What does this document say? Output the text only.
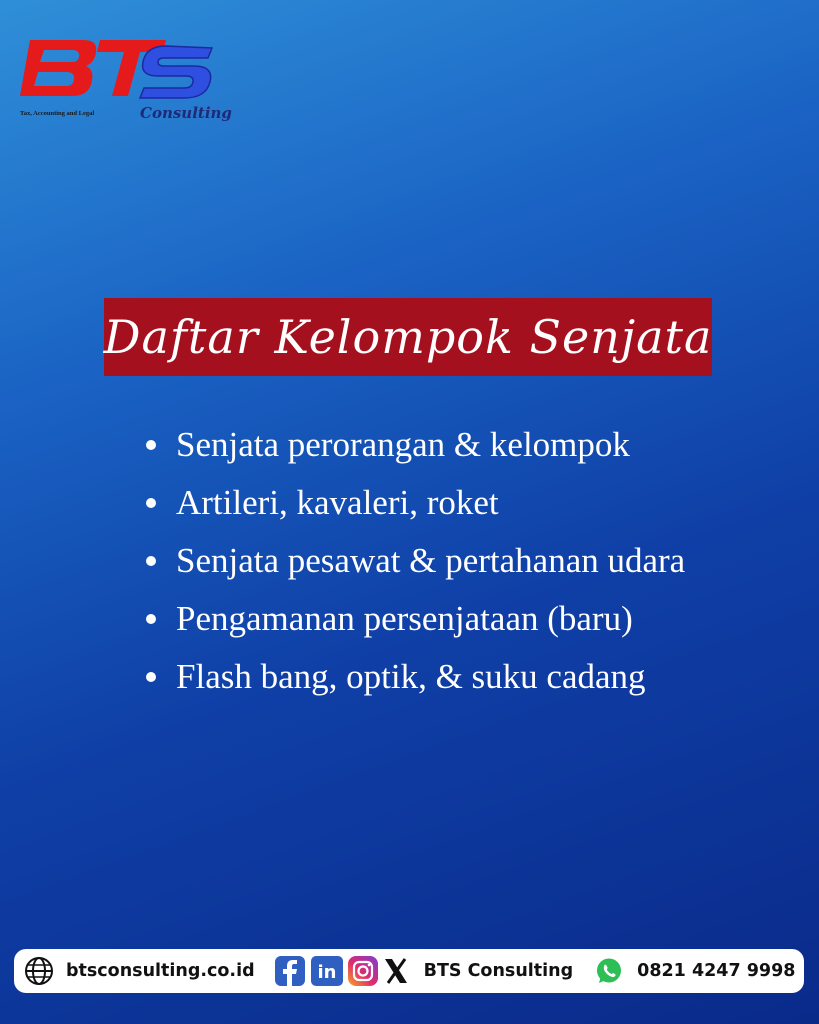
Tax, Accounting and Legal	Consulting
Daftar Kelompok Senjata
Senjata perorangan & kelompok
Artileri, kavaleri, roket
Senjata pesawat & pertahanan udara
Pengamanan persenjataan (baru)
Flash bang, optik, & suku cadang
btsconsulting.co.id	in	BTS Consulting	0821 4247 9998
